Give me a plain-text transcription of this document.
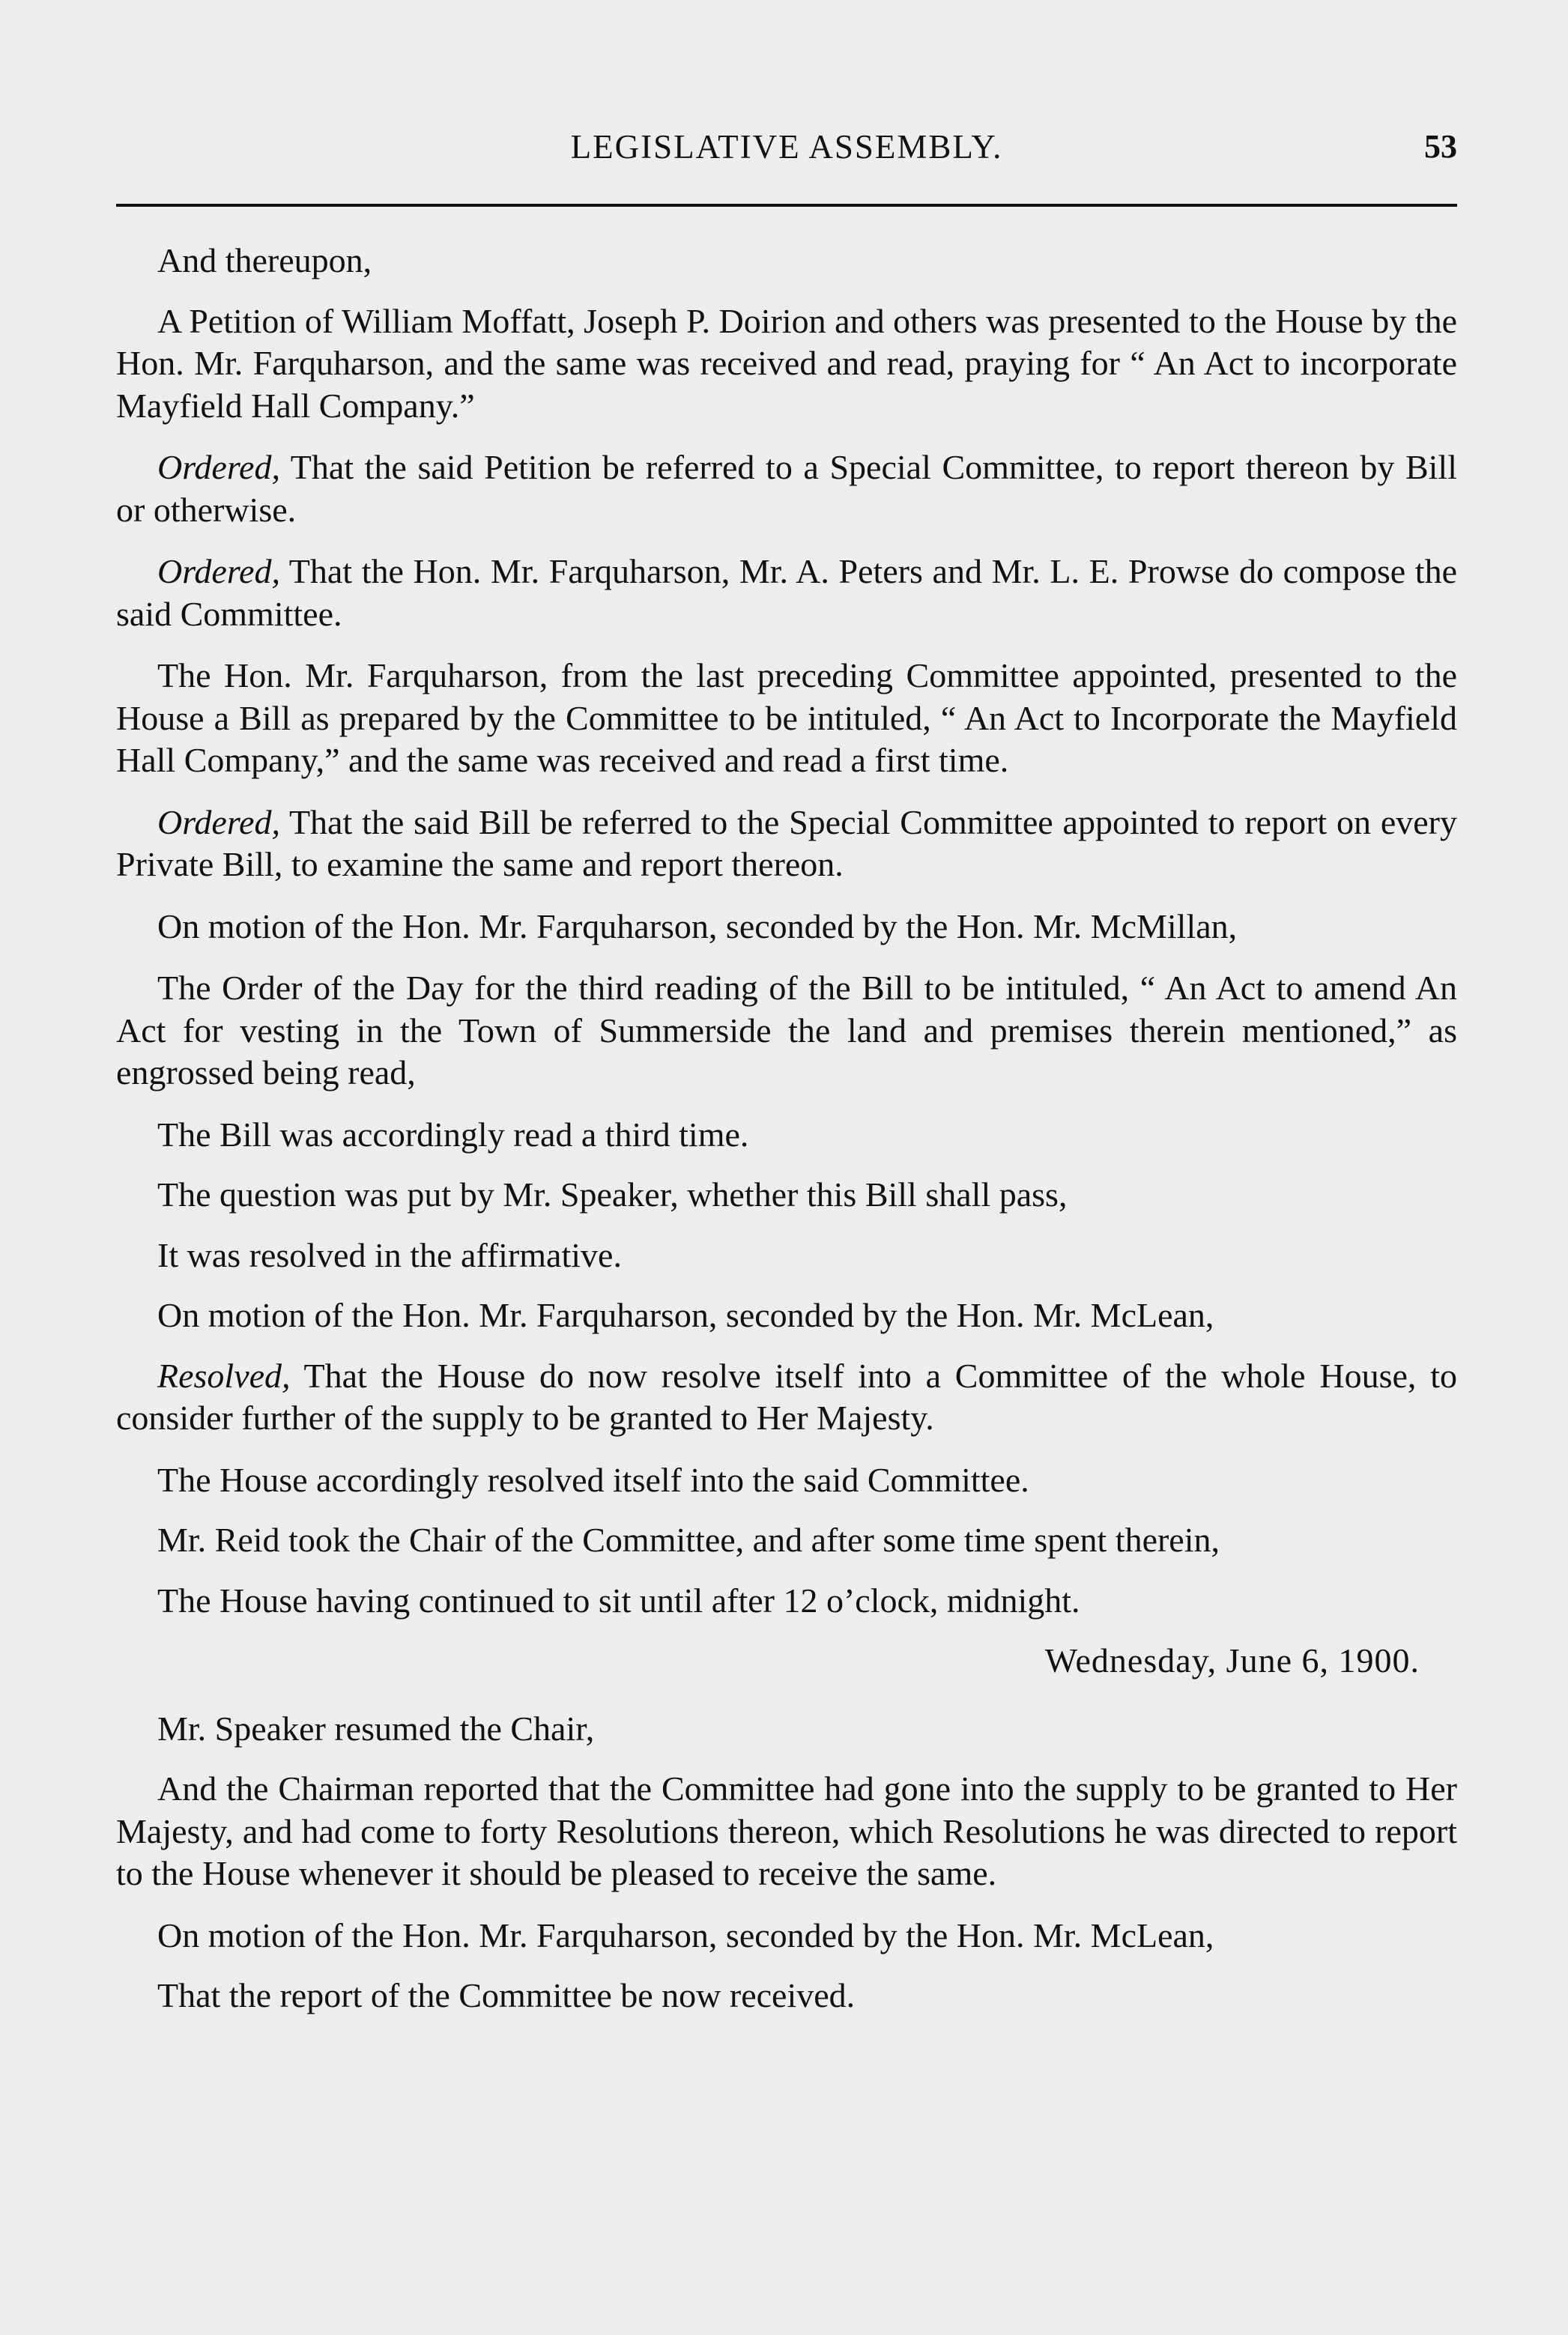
LEGISLATIVE ASSEMBLY.	53

And thereupon,

A Petition of William Moffatt, Joseph P. Doirion and others was presented to the House by the Hon. Mr. Farquharson, and the same was received and read, praying for “ An Act to incorporate Mayfield Hall Company.”

Ordered, That the said Petition be referred to a Special Committee, to report thereon by Bill or otherwise.

Ordered, That the Hon. Mr. Farquharson, Mr. A. Peters and Mr. L. E. Prowse do compose the said Committee.

The Hon. Mr. Farquharson, from the last preceding Committee appointed, presented to the House a Bill as prepared by the Committee to be intituled, “ An Act to Incorporate the Mayfield Hall Company,” and the same was received and read a first time.

Ordered, That the said Bill be referred to the Special Committee appointed to report on every Private Bill, to examine the same and report thereon.

On motion of the Hon. Mr. Farquharson, seconded by the Hon. Mr. McMillan,

The Order of the Day for the third reading of the Bill to be intituled, “ An Act to amend An Act for vesting in the Town of Summerside the land and premises therein mentioned,” as engrossed being read,

The Bill was accordingly read a third time.

The question was put by Mr. Speaker, whether this Bill shall pass,

It was resolved in the affirmative.

On motion of the Hon. Mr. Farquharson, seconded by the Hon. Mr. McLean,

Resolved, That the House do now resolve itself into a Committee of the whole House, to consider further of the supply to be granted to Her Majesty.

The House accordingly resolved itself into the said Committee.

Mr. Reid took the Chair of the Committee, and after some time spent therein,

The House having continued to sit until after 12 o’clock, midnight.

Wednesday, June 6, 1900.

Mr. Speaker resumed the Chair,

And the Chairman reported that the Committee had gone into the supply to be granted to Her Majesty, and had come to forty Resolutions thereon, which Resolutions he was directed to report to the House whenever it should be pleased to receive the same.

On motion of the Hon. Mr. Farquharson, seconded by the Hon. Mr. McLean,

That the report of the Committee be now received.
